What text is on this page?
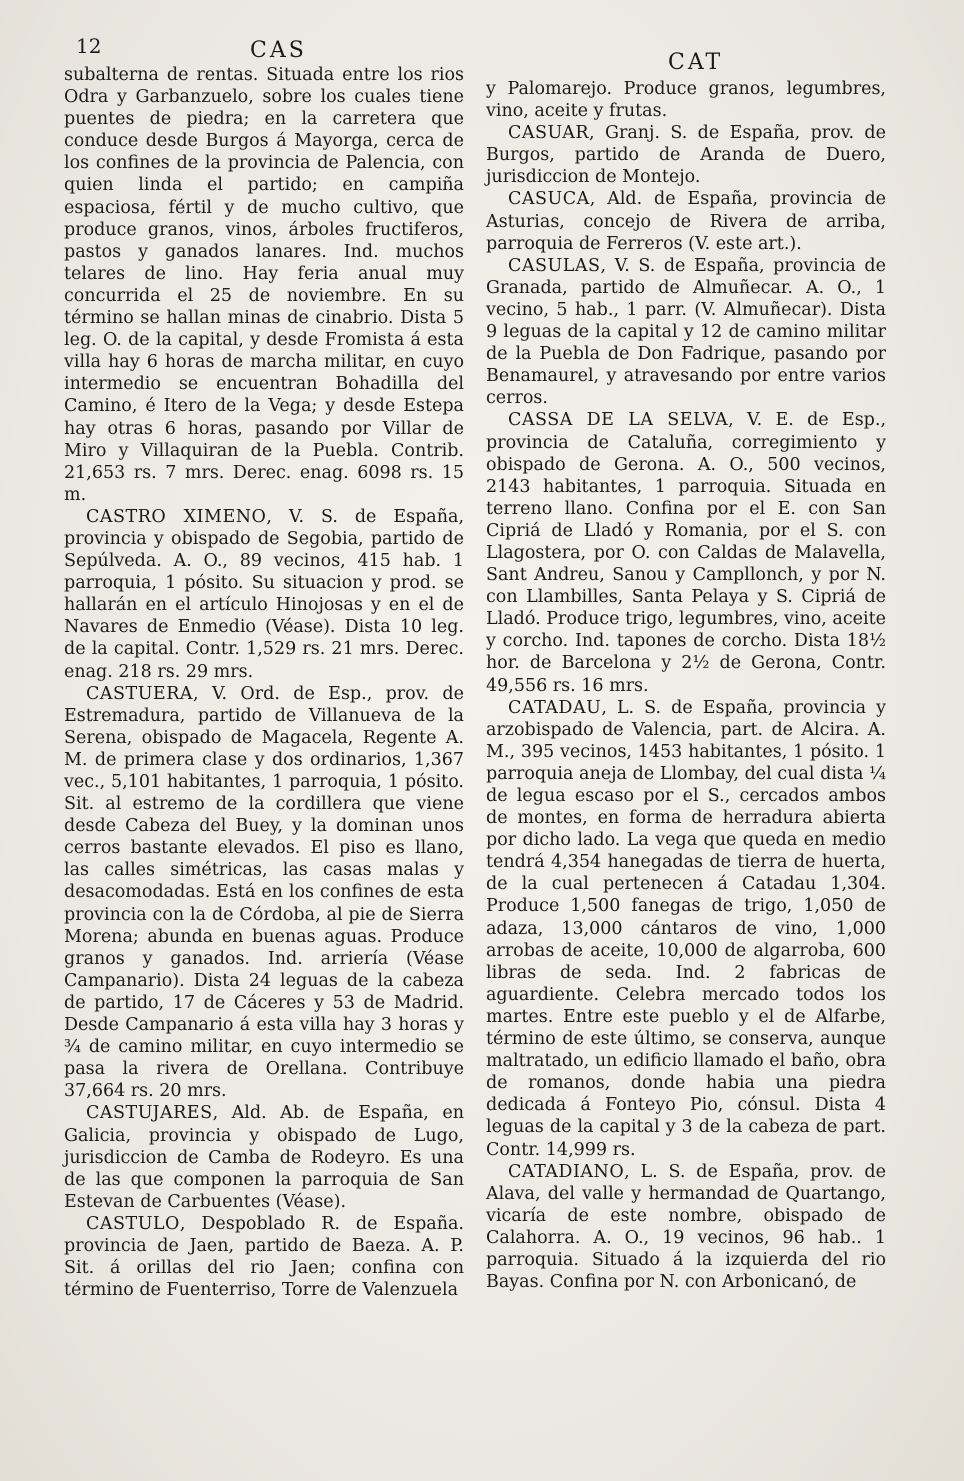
12	CAS	CAT

subalterna de rentas. Situada entre los rios Odra y Garbanzuelo, sobre los cuales tiene puentes de piedra; en la carretera que conduce desde Burgos á Mayorga, cerca de los confines de la provincia de Palencia, con quien linda el partido; en campiña espaciosa, fértil y de mucho cultivo, que produce granos, vinos, árboles fructiferos, pastos y ganados lanares. Ind. muchos telares de lino. Hay feria anual muy concurrida el 25 de noviembre. En su término se hallan minas de cinabrio. Dista 5 leg. O. de la capital, y desde Fromista á esta villa hay 6 horas de marcha militar, en cuyo intermedio se encuentran Bohadilla del Camino, é Itero de la Vega; y desde Estepa hay otras 6 horas, pasando por Villar de Miro y Villaquiran de la Puebla. Contrib. 21,653 rs. 7 mrs. Derec. enag. 6098 rs. 15 m.

CASTRO XIMENO, V. S. de España, provincia y obispado de Segobia, partido de Sepúlveda. A. O., 89 vecinos, 415 hab. 1 parroquia, 1 pósito. Su situacion y prod. se hallarán en el artículo Hinojosas y en el de Navares de Enmedio (Véase). Dista 10 leg. de la capital. Contr. 1,529 rs. 21 mrs. Derec. enag. 218 rs. 29 mrs.

CASTUERA, V. Ord. de Esp., prov. de Estremadura, partido de Villanueva de la Serena, obispado de Magacela, Regente A. M. de primera clase y dos ordinarios, 1,367 vec., 5,101 habitantes, 1 parroquia, 1 pósito. Sit. al estremo de la cordillera que viene desde Cabeza del Buey, y la dominan unos cerros bastante elevados. El piso es llano, las calles simétricas, las casas malas y desacomodadas. Está en los confines de esta provincia con la de Córdoba, al pie de Sierra Morena; abunda en buenas aguas. Produce granos y ganados. Ind. arriería (Véase Campanario). Dista 24 leguas de la cabeza de partido, 17 de Cáceres y 53 de Madrid. Desde Campanario á esta villa hay 3 horas y ¾ de camino militar, en cuyo intermedio se pasa la rivera de Orellana. Contribuye 37,664 rs. 20 mrs.

CASTUJARES, Ald. Ab. de España, en Galicia, provincia y obispado de Lugo, jurisdiccion de Camba de Rodeyro. Es una de las que componen la parroquia de San Estevan de Carbuentes (Véase).

CASTULO, Despoblado R. de España. provincia de Jaen, partido de Baeza. A. P. Sit. á orillas del rio Jaen; confina con término de Fuenterriso, Torre de Valenzuela

y Palomarejo. Produce granos, legumbres, vino, aceite y frutas.

CASUAR, Granj. S. de España, prov. de Burgos, partido de Aranda de Duero, jurisdiccion de Montejo.

CASUCA, Ald. de España, provincia de Asturias, concejo de Rivera de arriba, parroquia de Ferreros (V. este art.).

CASULAS, V. S. de España, provincia de Granada, partido de Almuñecar. A. O., 1 vecino, 5 hab., 1 parr. (V. Almuñecar). Dista 9 leguas de la capital y 12 de camino militar de la Puebla de Don Fadrique, pasando por Benamaurel, y atravesando por entre varios cerros.

CASSA DE LA SELVA, V. E. de Esp., provincia de Cataluña, corregimiento y obispado de Gerona. A. O., 500 vecinos, 2143 habitantes, 1 parroquia. Situada en terreno llano. Confina por el E. con San Cipriá de Lladó y Romania, por el S. con Llagostera, por O. con Caldas de Malavella, Sant Andreu, Sanou y Campllonch, y por N. con Llambilles, Santa Pelaya y S. Cipriá de Lladó. Produce trigo, legumbres, vino, aceite y corcho. Ind. tapones de corcho. Dista 18½ hor. de Barcelona y 2½ de Gerona, Contr. 49,556 rs. 16 mrs.

CATADAU, L. S. de España, provincia y arzobispado de Valencia, part. de Alcira. A. M., 395 vecinos, 1453 habitantes, 1 pósito. 1 parroquia aneja de Llombay, del cual dista ¼ de legua escaso por el S., cercados ambos de montes, en forma de herradura abierta por dicho lado. La vega que queda en medio tendrá 4,354 hanegadas de tierra de huerta, de la cual pertenecen á Catadau 1,304. Produce 1,500 fanegas de trigo, 1,050 de adaza, 13,000 cántaros de vino, 1,000 arrobas de aceite, 10,000 de algarroba, 600 libras de seda. Ind. 2 fabricas de aguardiente. Celebra mercado todos los martes. Entre este pueblo y el de Alfarbe, término de este último, se conserva, aunque maltratado, un edificio llamado el baño, obra de romanos, donde habia una piedra dedicada á Fonteyo Pio, cónsul. Dista 4 leguas de la capital y 3 de la cabeza de part. Contr. 14,999 rs.

CATADIANO, L. S. de España, prov. de Alava, del valle y hermandad de Quartango, vicaría de este nombre, obispado de Calahorra. A. O., 19 vecinos, 96 hab.. 1 parroquia. Situado á la izquierda del rio Bayas. Confina por N. con Arbonicanó, de
